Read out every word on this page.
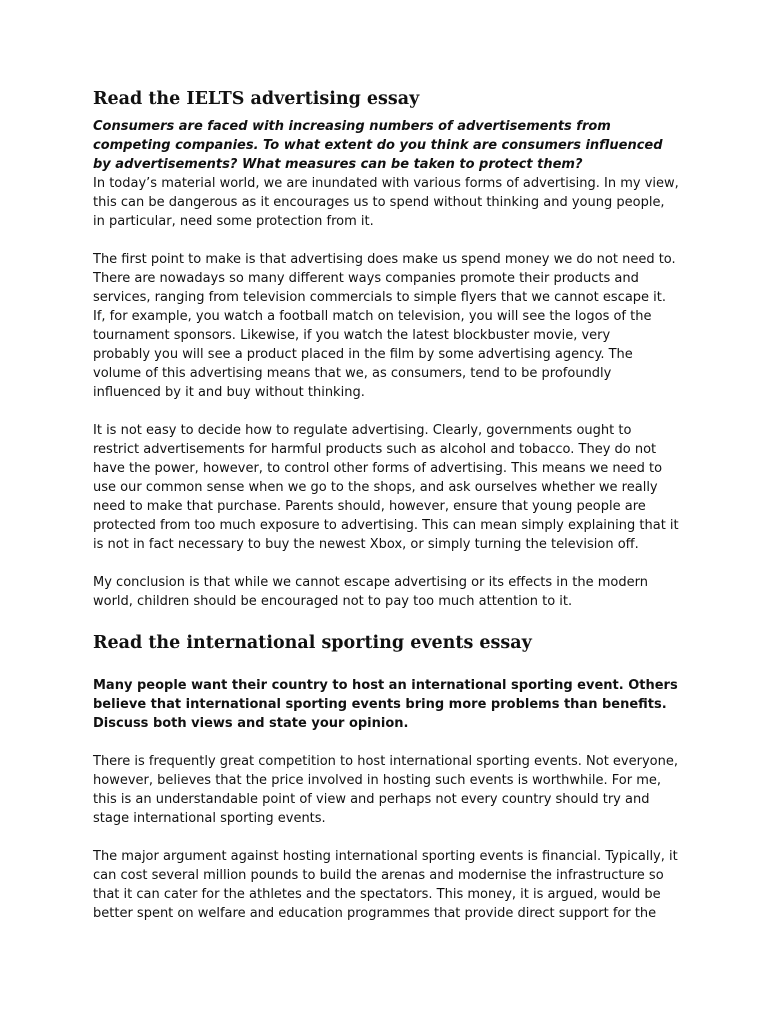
Read the IELTS advertising essay
Consumers are faced with increasing numbers of advertisements from
competing companies. To what extent do you think are consumers influenced
by advertisements? What measures can be taken to protect them?

In today’s material world, we are inundated with various forms of advertising. In my view,
this can be dangerous as it encourages us to spend without thinking and young people,
in particular, need some protection from it.

The first point to make is that advertising does make us spend money we do not need to.
There are nowadays so many different ways companies promote their products and
services, ranging from television commercials to simple flyers that we cannot escape it.
If, for example, you watch a football match on television, you will see the logos of the
tournament sponsors. Likewise, if you watch the latest blockbuster movie, very
probably you will see a product placed in the film by some advertising agency. The
volume of this advertising means that we, as consumers, tend to be profoundly
influenced by it and buy without thinking.

It is not easy to decide how to regulate advertising. Clearly, governments ought to
restrict advertisements for harmful products such as alcohol and tobacco. They do not
have the power, however, to control other forms of advertising. This means we need to
use our common sense when we go to the shops, and ask ourselves whether we really
need to make that purchase. Parents should, however, ensure that young people are
protected from too much exposure to advertising. This can mean simply explaining that it
is not in fact necessary to buy the newest Xbox, or simply turning the television off.

My conclusion is that while we cannot escape advertising or its effects in the modern
world, children should be encouraged not to pay too much attention to it.

Read the international sporting events essay
Many people want their country to host an international sporting event. Others
believe that international sporting events bring more problems than benefits.
Discuss both views and state your opinion.

There is frequently great competition to host international sporting events. Not everyone,
however, believes that the price involved in hosting such events is worthwhile. For me,
this is an understandable point of view and perhaps not every country should try and
stage international sporting events.

The major argument against hosting international sporting events is financial. Typically, it
can cost several million pounds to build the arenas and modernise the infrastructure so
that it can cater for the athletes and the spectators. This money, it is argued, would be
better spent on welfare and education programmes that provide direct support for the
